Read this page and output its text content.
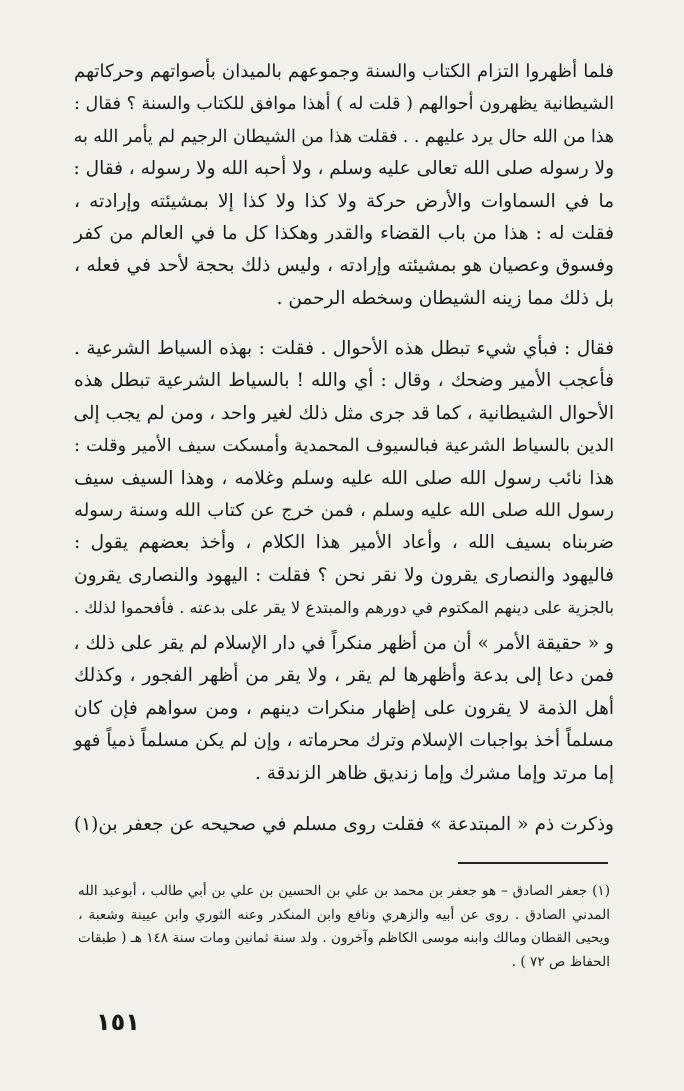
فلما أظهروا التزام الكتاب والسنة وجموعهم بالميدان بأصواتهم وحركاتهم
الشيطانية يظهرون أحوالهم ( قلت له ) أهذا موافق للكتاب والسنة ؟ فقال :
هذا من الله حال يرد عليهم . . فقلت هذا من الشيطان الرجيم لم يأمر الله به
ولا رسوله صلى الله تعالى عليه وسلم ، ولا أحبه الله ولا رسوله ، فقال :
ما في السماوات والأرض حركة ولا كذا ولا كذا إلا بمشيئته وإرادته ،
فقلت له : هذا من باب القضاء والقدر وهكذا كل ما في العالم من كفر
وفسوق وعصيان هو بمشيئته وإرادته ، وليس ذلك بحجة لأحد في فعله ،
بل ذلك مما زينه الشيطان وسخطه الرحمن .
فقال : فبأي شيء تبطل هذه الأحوال . فقلت : بهذه السياط الشرعية .
فأعجب الأمير وضحك ، وقال : أي والله ! بالسياط الشرعية تبطل هذه
الأحوال الشيطانية ، كما قد جرى مثل ذلك لغير واحد ، ومن لم يجب إلى
الدين بالسياط الشرعية فبالسيوف المحمدية وأمسكت سيف الأمير وقلت :
هذا نائب رسول الله صلى الله عليه وسلم وغلامه ، وهذا السيف سيف
رسول الله صلى الله عليه وسلم ، فمن خرج عن كتاب الله وسنة رسوله
ضربناه بسيف الله ، وأعاد الأمير هذا الكلام ، وأخذ بعضهم يقول :
فاليهود والنصارى يقرون ولا نقر نحن ؟ فقلت : اليهود والنصارى يقرون
بالجزية على دينهم المكتوم في دورهم والمبتدع لا يقر على بدعته . فأفحموا لذلك .
و « حقيقة الأمر » أن من أظهر منكراً في دار الإسلام لم يقر على ذلك ،
فمن دعا إلى بدعة وأظهرها لم يقر ، ولا يقر من أظهر الفجور ، وكذلك
أهل الذمة لا يقرون على إظهار منكرات دينهم ، ومن سواهم فإن كان
مسلماً أخذ بواجبات الإسلام وترك محرماته ، وإن لم يكن مسلماً ذمياً فهو
إما مرتد وإما مشرك وإما زنديق ظاهر الزندقة .
وذكرت ذم « المبتدعة » فقلت روى مسلم في صحيحه عن جعفر بن(١)
(١) جعفر الصادق – هو جعفر بن محمد بن علي بن الحسين بن علي بن أبي طالب ، أبوعبد الله
المدني الصادق . روى عن أبيه والزهري ونافع وابن المنكدر وعنه الثوري وابن عيينة وشعبة ،
ويحيى القطان ومالك وابنه موسى الكاظم وآخرون . ولد سنة ثمانين ومات سنة ١٤٨ هـ ( طبقات
الحفاظ ص ٧٢ ) .
١٥١
